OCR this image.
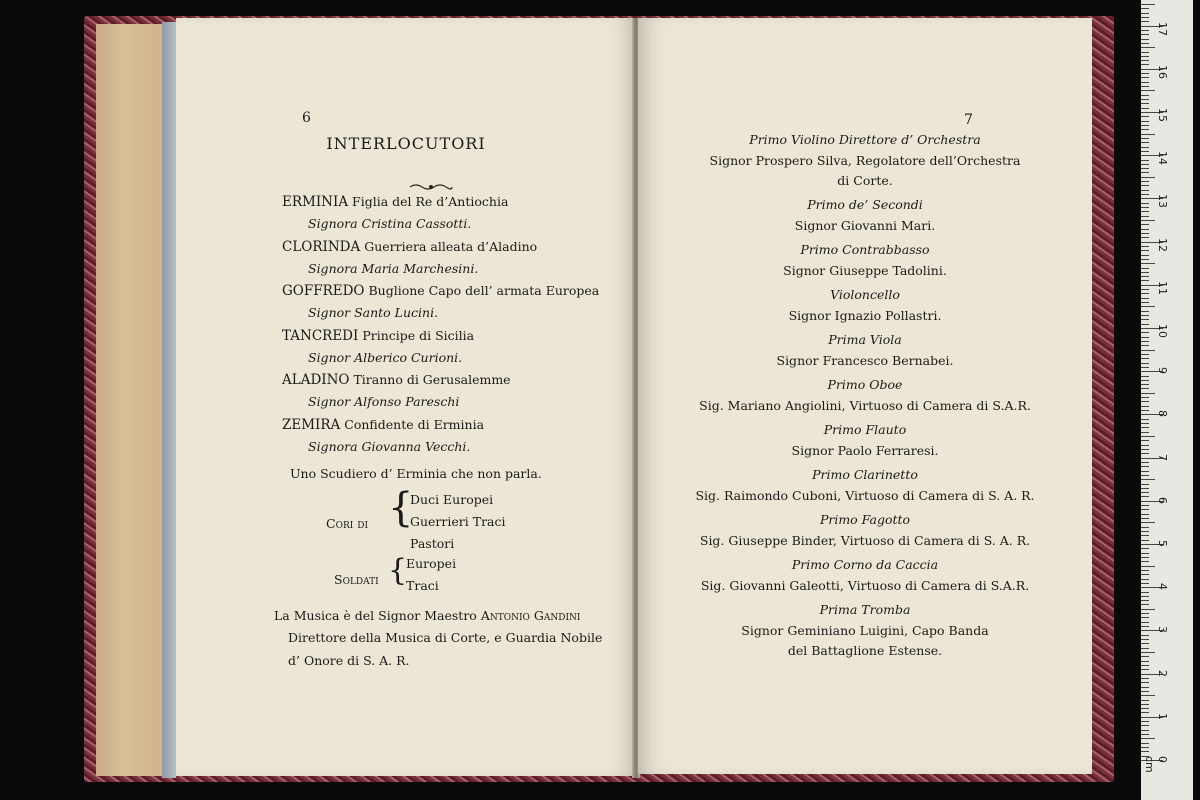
6
INTERLOCUTORI
ERMINIA Figlia del Re d’Antiochia
Signora Cristina Cassotti.
CLORINDA Guerriera alleata d’Aladino
Signora Maria Marchesini.
GOFFREDO Buglione Capo dell’ armata Europea
Signor Santo Lucini.
TANCREDI Principe di Sicilia
Signor Alberico Curioni.
ALADINO Tiranno di Gerusalemme
Signor Alfonso Pareschi
ZEMIRA Confidente di Erminia
Signora Giovanna Vecchi.
Uno Scudiero d’ Erminia che non parla.
Cori di {
Duci Europei
Guerrieri Traci
Pastori
Soldati {
Europei
Traci
La Musica è del Signor Maestro Antonio Gandini
Direttore della Musica di Corte, e Guardia Nobile
d’ Onore di S. A. R.
7
Primo Violino Direttore d’ Orchestra
Signor Prospero Silva, Regolatore dell’Orchestra
di Corte.
Primo de’ Secondi
Signor Giovanni Mari.
Primo Contrabbasso
Signor Giuseppe Tadolini.
Violoncello
Signor Ignazio Pollastri.
Prima Viola
Signor Francesco Bernabei.
Primo Oboe
Sig. Mariano Angiolini, Virtuoso di Camera di S.A.R.
Primo Flauto
Signor Paolo Ferraresi.
Primo Clarinetto
Sig. Raimondo Cuboni, Virtuoso di Camera di S. A. R.
Primo Fagotto
Sig. Giuseppe Binder, Virtuoso di Camera di S. A. R.
Primo Corno da Caccia
Sig. Giovanni Galeotti, Virtuoso di Camera di S.A.R.
Prima Tromba
Signor Geminiano Luigini, Capo Banda
del Battaglione Estense.
0 cm
1
2
3
4
5
6
7
8
9
10
11
12
13
14
15
16
17
